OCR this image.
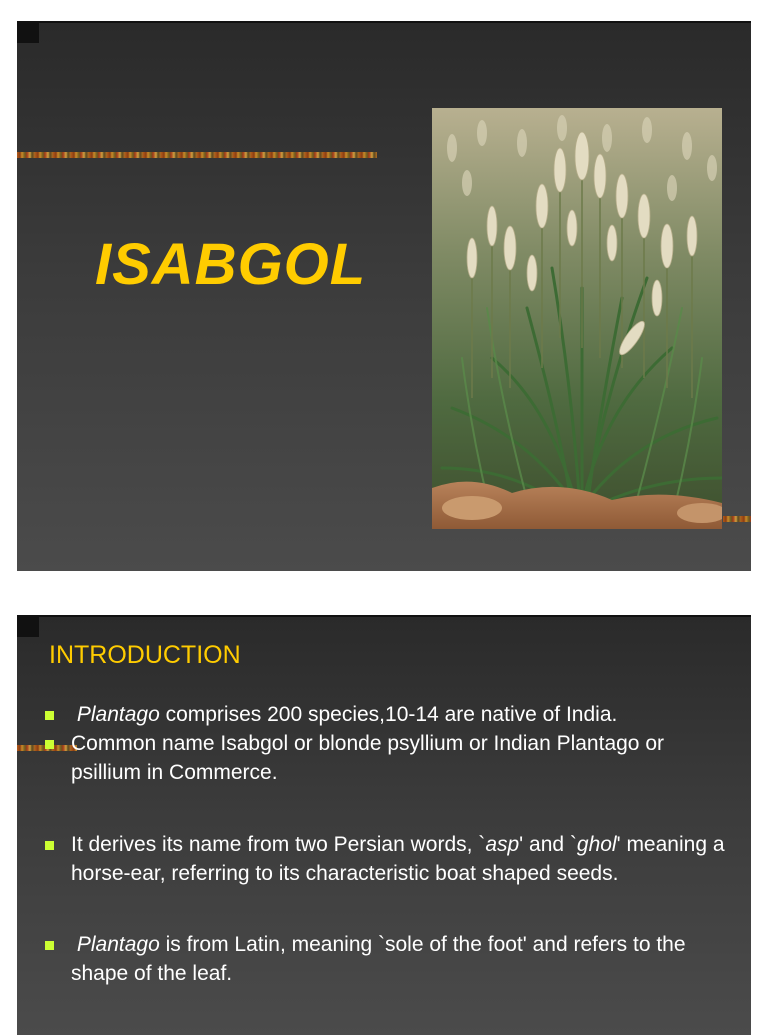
ISABGOL
INTRODUCTION
Plantago comprises 200 species,10-14 are native of India.
Common name Isabgol or blonde psyllium or Indian Plantago or psillium in Commerce.
It derives its name from two Persian words, `asp' and `ghol' meaning a horse-ear, referring to its characteristic boat shaped seeds.
Plantago is from Latin, meaning `sole of the foot' and refers to the shape of the leaf.
